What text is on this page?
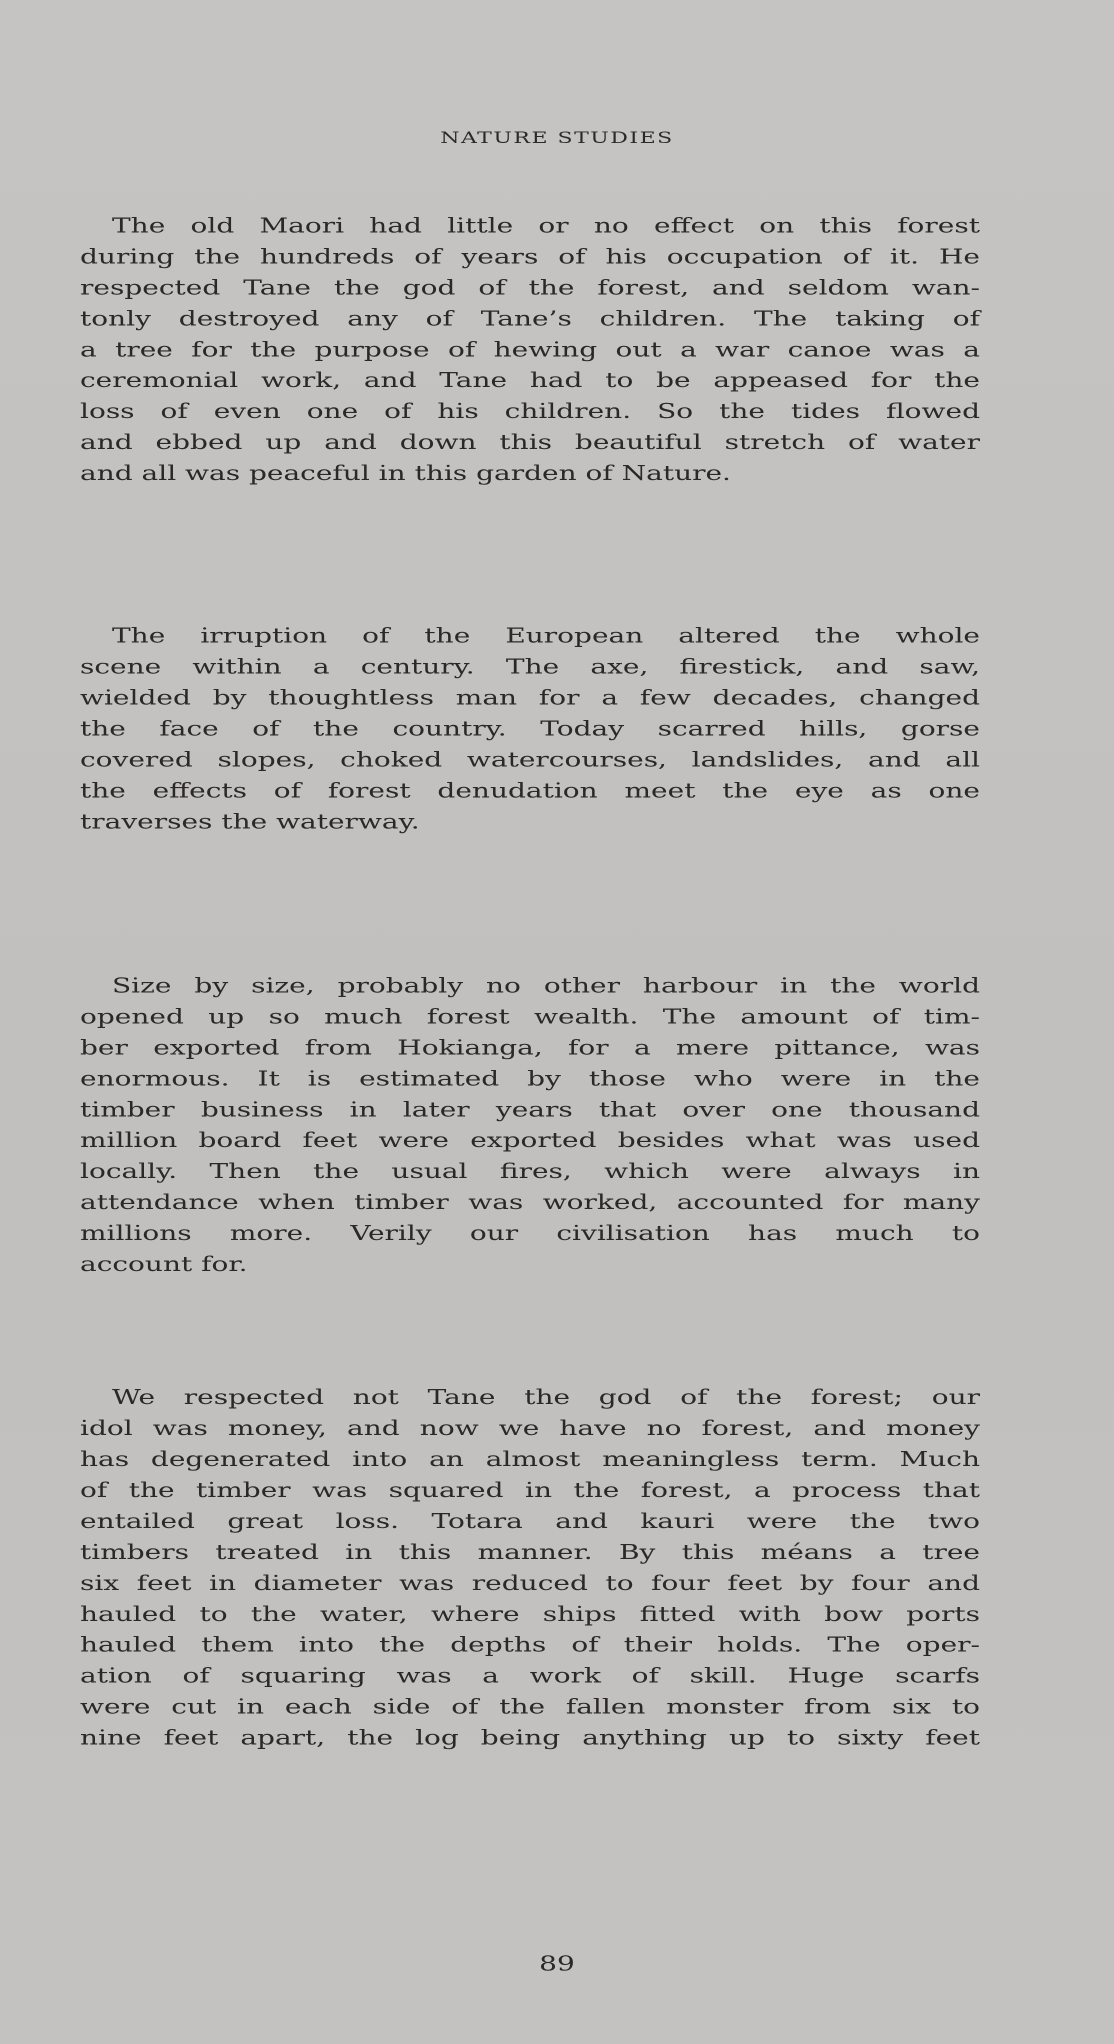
NATURE STUDIES
The old Maori had little or no effect on this forest
during the hundreds of years of his occupation of it. He
respected Tane the god of the forest, and seldom wan-
tonly destroyed any of Tane’s children. The taking of
a tree for the purpose of hewing out a war canoe was a
ceremonial work, and Tane had to be appeased for the
loss of even one of his children. So the tides flowed
and ebbed up and down this beautiful stretch of water
and all was peaceful in this garden of Nature.
The irruption of the European altered the whole
scene within a century. The axe, firestick, and saw,
wielded by thoughtless man for a few decades, changed
the face of the country. Today scarred hills, gorse
covered slopes, choked watercourses, landslides, and all
the effects of forest denudation meet the eye as one
traverses the waterway.
Size by size, probably no other harbour in the world
opened up so much forest wealth. The amount of tim-
ber exported from Hokianga, for a mere pittance, was
enormous. It is estimated by those who were in the
timber business in later years that over one thousand
million board feet were exported besides what was used
locally. Then the usual fires, which were always in
attendance when timber was worked, accounted for many
millions more. Verily our civilisation has much to
account for.
We respected not Tane the god of the forest; our
idol was money, and now we have no forest, and money
has degenerated into an almost meaningless term. Much
of the timber was squared in the forest, a process that
entailed great loss. Totara and kauri were the two
timbers treated in this manner. By this méans a tree
six feet in diameter was reduced to four feet by four and
hauled to the water, where ships fitted with bow ports
hauled them into the depths of their holds. The oper-
ation of squaring was a work of skill. Huge scarfs
were cut in each side of the fallen monster from six to
nine feet apart, the log being anything up to sixty feet
89
